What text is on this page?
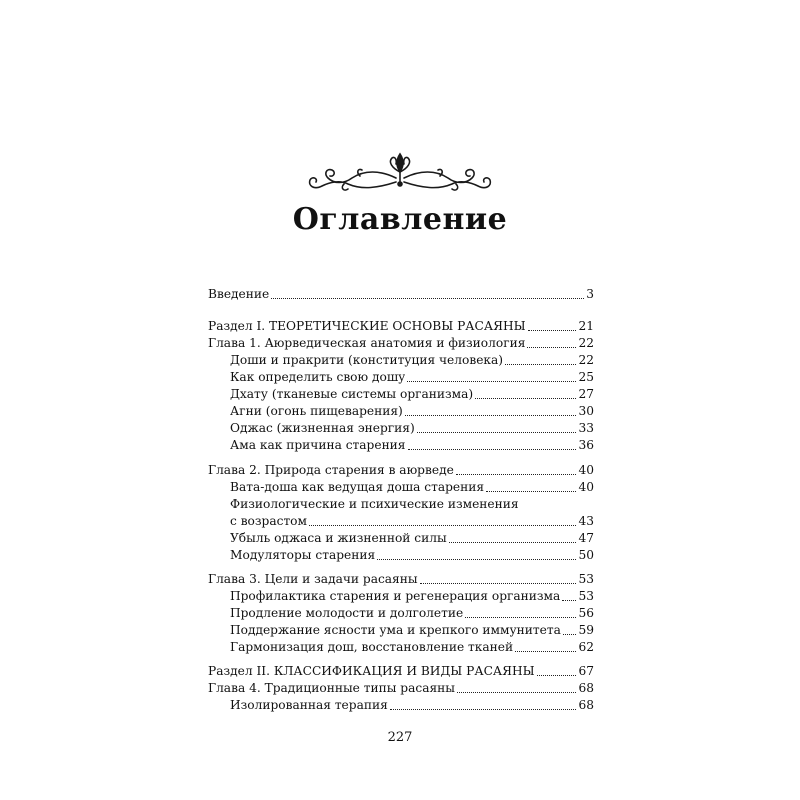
Оглавление
Введение	3
Раздел I. ТЕОРЕТИЧЕСКИЕ ОСНОВЫ РАСАЯНЫ	21
Глава 1. Аюрведическая анатомия и физиология	22
Доши и пракрити (конституция человека)	22
Как определить свою дошу	25
Дхату (тканевые системы организма)	27
Агни (огонь пищеварения)	30
Оджас (жизненная энергия)	33
Ама как причина старения	36
Глава 2. Природа старения в аюрведе	40
Вата-доша как ведущая доша старения	40
Физиологические и психические изменения
с возрастом	43
Убыль оджаса и жизненной силы	47
Модуляторы старения	50
Глава 3. Цели и задачи расаяны	53
Профилактика старения и регенерация организма 53
Продление молодости и долголетие	56
Поддержание ясности ума и крепкого иммунитета 59
Гармонизация дош, восстановление тканей	62
Раздел II. КЛАССИФИКАЦИЯ И ВИДЫ РАСАЯНЫ	67
Глава 4. Традиционные типы расаяны	68
Изолированная терапия	68
227
